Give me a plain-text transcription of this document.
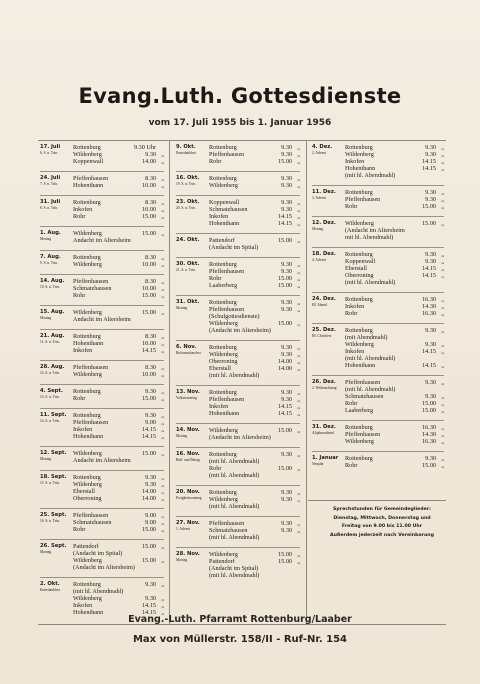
Evang.Luth. Gottesdienste
vom 17. Juli 1955 bis 1. Januar 1956
17. Juli
6. S. n. Trin.
Rottenburg	9.30 Uhr
Wildenberg	9.30 „
Koppenwall	14.00 „
24. Juli
7. S. n. Trin.
Pfeffenhausen	8.30 „
Hohenthann	10.00 „
31. Juli
8. S. n. Trin.
Rottenburg	8.30 „
Inkofen	10.00 „
Rohr	15.00 „
1. Aug.
Montag
Wildenberg	15.00 „
Andacht im Altersheim
7. Aug.
9. S. n. Trin.
Rottenburg	8.30 „
Wildenberg	10.00 „
14. Aug.
10. S. n. Trin.
Pfeffenhausen	8.30 „
Schmatzhausen	10.00 „
Rohr	15.00 „
15. Aug.
Montag
Wildenberg	15.00 „
Andacht im Altersheim
21. Aug.
11. S. n. Trin.
Rottenburg	8.30 „
Hohenthann	10.00 „
Inkofen	14.15 „
28. Aug.
12. S. n. Trin.
Pfeffenhausen	8.30 „
Wildenberg	10.00 „
4. Sept.
13. S. n. Trin.
Rottenburg	9.30 „
Rohr	15.00 „
11. Sept.
14. S. n. Trin.
Rottenburg	9.30 „
Pfeffenhausen	9.00 „
Inkofen	14.15 „
Hohenthann	14.15 „
12. Sept.
Montag
Wildenberg	15.00 „
Andacht im Altersheim
18. Sept.
15. S. n. Trin.
Rottenburg	9.30 „
Wildenberg	9.30 „
Eberstall	14.00 „
Oberroning	14.00 „
25. Sept.
16. S. n. Trin.
Pfeffenhausen	9.00 „
Schmatzhausen	9.00 „
Rohr	15.00 „
26. Sept.
Montag
Pattendorf	15.00 „
(Andacht im Spital)
Wildenberg	15.00 „
(Andacht im Altersheim)
2. Okt.
Erntedankfest
Rottenburg	9.30 „
(mit hl. Abendmahl)
Wildenberg	9.30 „
Inkofen	14.15 „
Hohenthann	14.15 „
9. Okt.
Erntedankfest
Rottenburg	9.30 „
Pfeffenhausen	9.30 „
Rohr	15.00 „
16. Okt.
19. S. n. Trin.
Rottenburg	9.30 „
Wildenberg	9.30 „
23. Okt.
20. S. n. Trin.
Koppenwall	9.30 „
Schmatzhausen	9.30 „
Inkofen	14.15 „
Hohenthann	14.15 „
24. Okt.	Pattendorf	15.00 „
(Andacht im Spital)
30. Okt.
21. S. n. Trin.
Rottenburg	9.30 „
Pfeffenhausen	9.30 „
Rohr	15.00 „
Laaberberg	15.00 „
31. Okt.
Montag
Rottenburg	9.30 „
Pfeffenhausen	9.30 „
(Schulgottesdienste)
Wildenberg	15.00 „
(Andacht im Altersheim)
6. Nov.
Reformationsfest
Rottenburg	9.30 „
Wildenberg	9.30 „
Oberroning	14.00 „
Eberstall	14.00 „
(mit hl. Abendmahl)
13. Nov.
Volkstrauertag
Rottenburg	9.30 „
Pfeffenhausen	9.30 „
Inkofen	14.15 „
Hohenthann	14.15 „
14. Nov.
Montag
Wildenberg	15.00 „
(Andacht im Altersheim)
16. Nov.
Buß- und Bettag
Rottenburg	9.30 „
(mit hl. Abendmahl)
Rohr	15.00 „
(mit hl. Abendmahl)
20. Nov.
Ewigkeitssonntag
Rottenburg	9.30 „
Wildenberg	9.30 „
(mit hl. Abendmahl)
27. Nov.
1. Advent
Pfeffenhausen	9.30 „
Schmatzhausen	9.30 „
(mit hl. Abendmahl)
28. Nov.
Montag
Wildenberg	15.00 „
Pattendorf	15.00 „
(Andacht im Spital)
(mit hl. Abendmahl)
4. Dez.
2. Advent
Rottenburg	9.30 „
Wildenberg	9.30 „
Inkofen	14.15 „
Hohenthann	14.15 „
(mit hl. Abendmahl)
11. Dez.
3. Advent
Rottenburg	9.30 „
Pfeffenhausen	9.30 „
Rohr	15.00 „
12. Dez.
Montag
Wildenberg	15.00 „
(Andacht im Altersheim
mit hl. Abendmahl)
18. Dez.
4. Advent
Rottenburg	9.30 „
Koppenwall	9.30 „
Eberstall	14.15 „
Oberroning	14.15 „
(mit hl. Abendmahl)
24. Dez.
Hl. Abend
Rottenburg	16.30 „
Inkofen	14.30 „
Rohr	16.30 „
25. Dez.
Hl. Christfest
Rottenburg	9.30 „
(mit Abendmahl)
Wildenberg	9.30 „
Inkofen	14.15 „
(mit hl. Abendmahl)
Hohenthann	14.15 „
26. Dez.
2. Weihnachtstag
Pfeffenhausen	9.30 „
(mit hl. Abendmahl)
Schmatzhausen	9.30 „
Rohr	15.00 „
Laaberberg	15.00 „
31. Dez.
Altjahresabend
Rottenburg	16.30 „
Pfeffenhausen	14.30 „
Wildenberg	16.30 „
1. Januar
Neujahr
Rottenburg	9.30 „
Rohr	15.00 „
Sprechstunden für Gemeindeglieder:
Dienstag, Mittwoch, Donnerstag und
Freitag von 9.00 bis 11.00 Uhr
Außerdem jederzeit nach Vereinbarung
Evang.-Luth. Pfarramt Rottenburg/Laaber
Max von Müllerstr. 158/II - Ruf-Nr. 154
